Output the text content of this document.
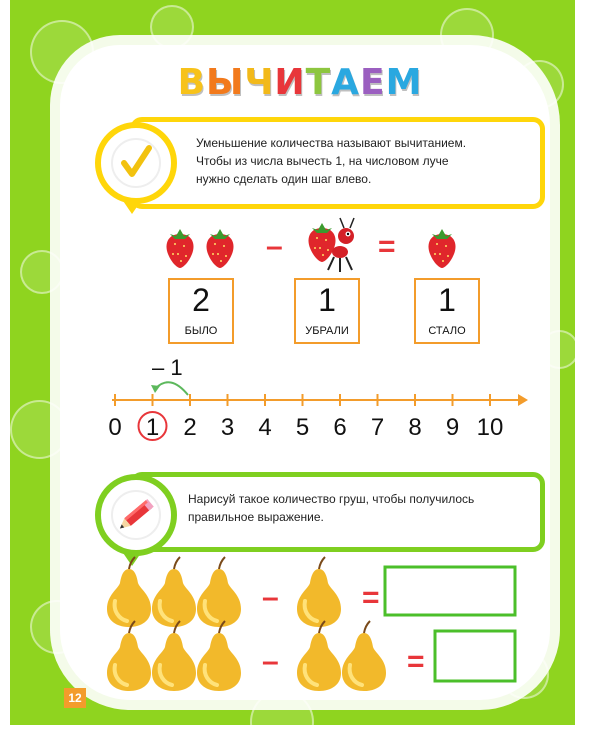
ВЫЧИТАЕМ
Уменьшение количества называют вычитанием.
Чтобы из числа вычесть 1, на числовом луче
нужно сделать один шаг влево.
–	=
2
БЫЛО
1
УБРАЛИ
1
СТАЛО
– 1
0 1 2 3 4 5 6 7 8 9 10
Нарисуй такое количество груш, чтобы получилось
правильное выражение.
–	=
–	=
12
